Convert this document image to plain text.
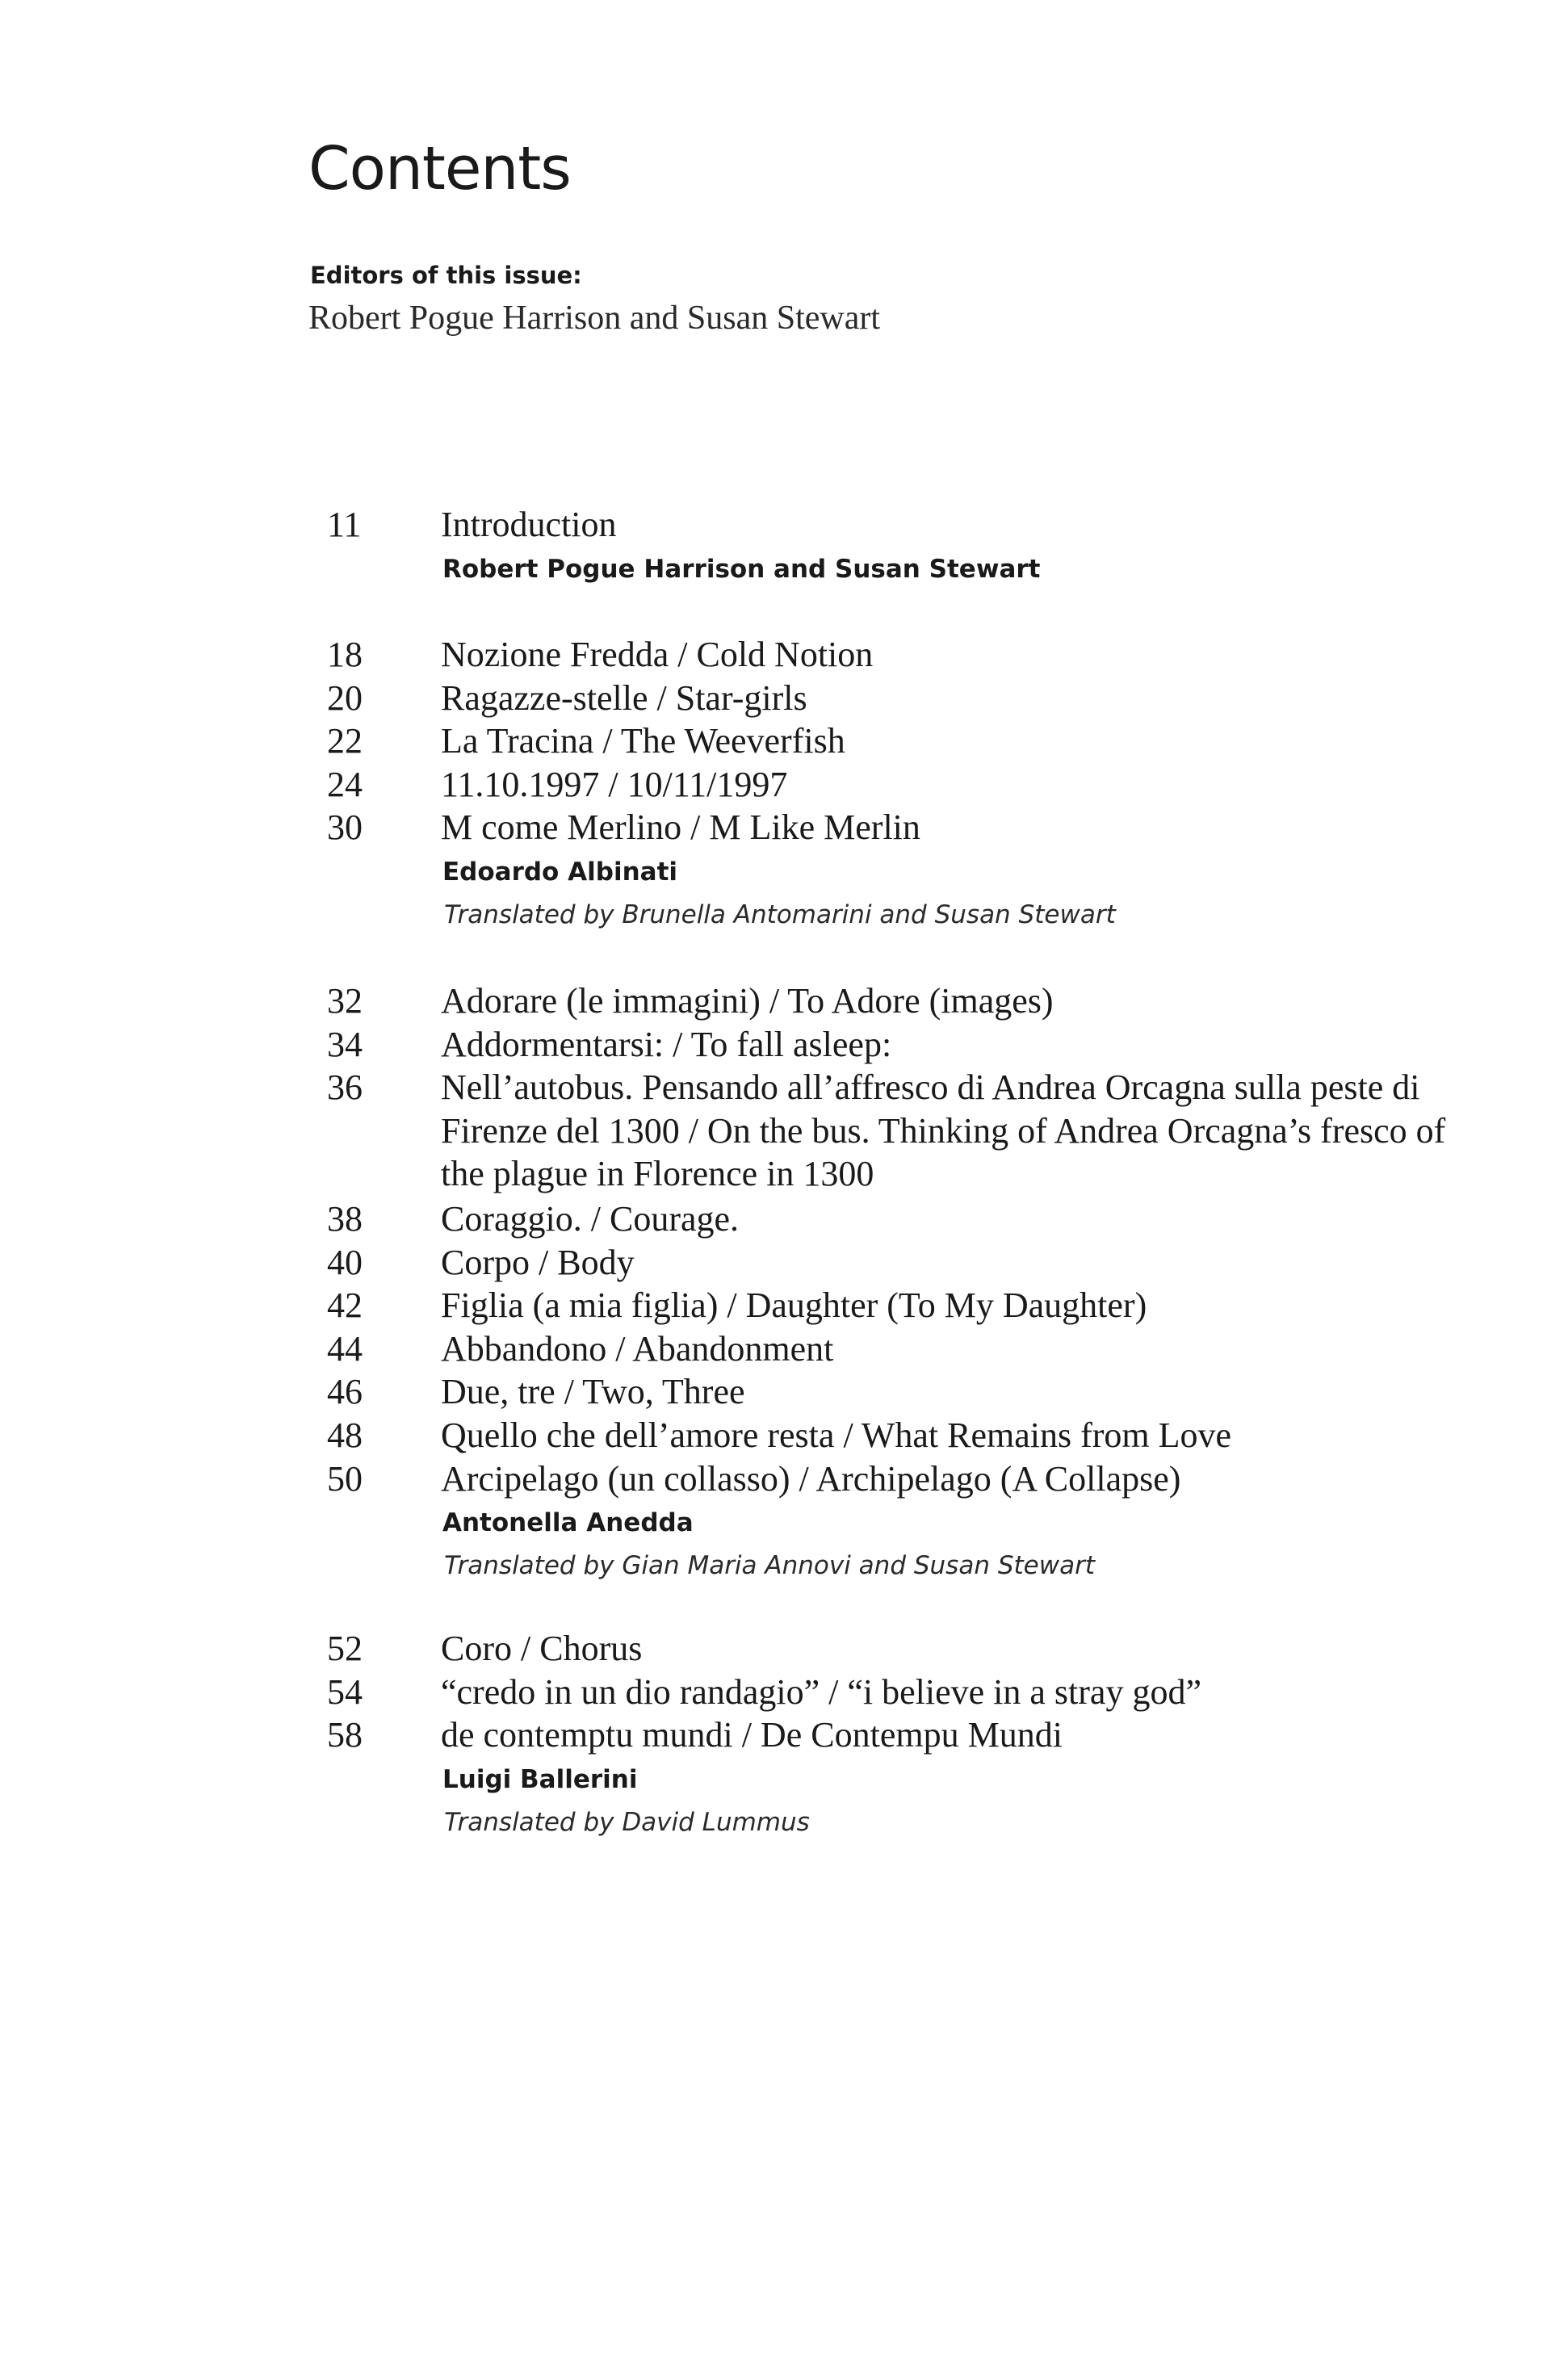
Contents
Editors of this issue:
Robert Pogue Harrison and Susan Stewart
11	Introduction
Robert Pogue Harrison and Susan Stewart
18	Nozione Fredda / Cold Notion
20	Ragazze-stelle / Star-girls
22	La Tracina / The Weeverfish
24	11.10.1997 / 10/11/1997
30	M come Merlino / M Like Merlin
Edoardo Albinati
Translated by Brunella Antomarini and Susan Stewart
32	Adorare (le immagini) / To Adore (images)
34	Addormentarsi: / To fall asleep:
36	Nell’autobus. Pensando all’affresco di Andrea Orcagna sulla peste di Firenze del 1300 / On the bus. Thinking of Andrea Orcagna’s fresco of the plague in Florence in 1300
38	Coraggio. / Courage.
40	Corpo / Body
42	Figlia (a mia figlia) / Daughter (To My Daughter)
44	Abbandono / Abandonment
46	Due, tre / Two, Three
48	Quello che dell’amore resta / What Remains from Love
50	Arcipelago (un collasso) / Archipelago (A Collapse)
Antonella Anedda
Translated by Gian Maria Annovi and Susan Stewart
52	Coro / Chorus
54	“credo in un dio randagio” / “i believe in a stray god”
58	de contemptu mundi / De Contempu Mundi
Luigi Ballerini
Translated by David Lummus
